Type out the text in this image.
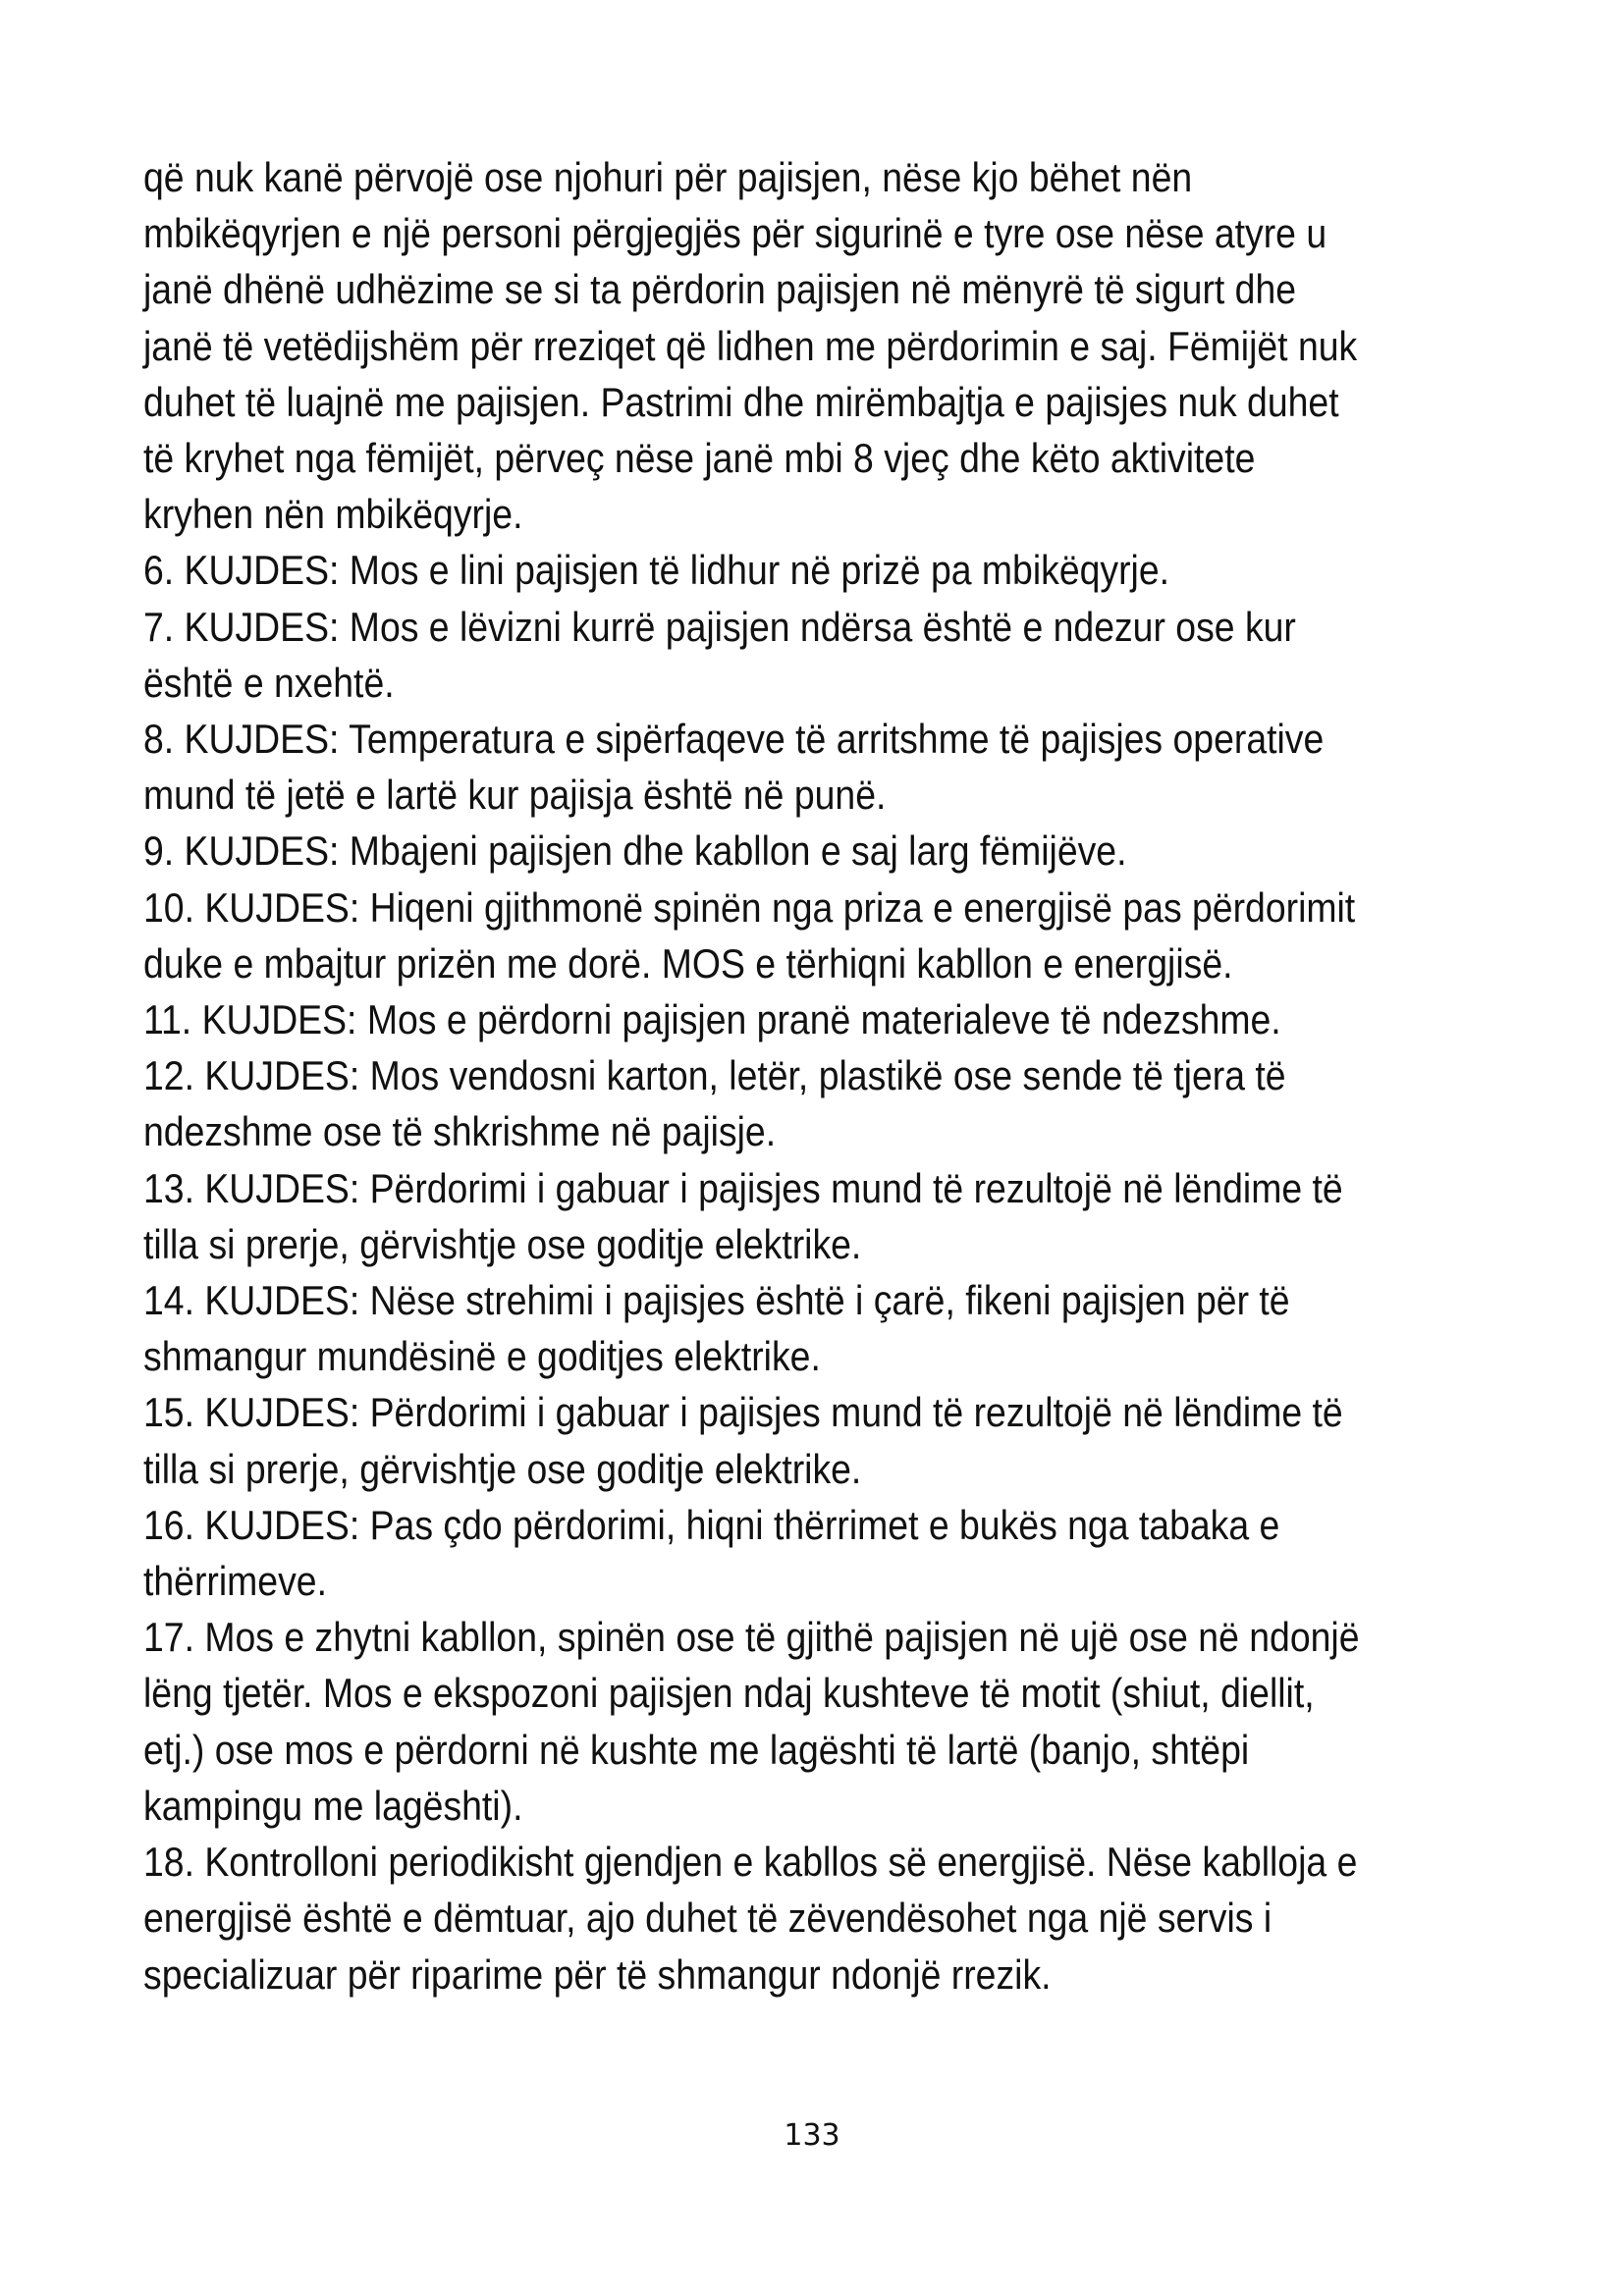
që nuk kanë përvojë ose njohuri për pajisjen, nëse kjo bëhet nën
mbikëqyrjen e një personi përgjegjës për sigurinë e tyre ose nëse atyre u
janë dhënë udhëzime se si ta përdorin pajisjen në mënyrë të sigurt dhe
janë të vetëdijshëm për rreziqet që lidhen me përdorimin e saj. Fëmijët nuk
duhet të luajnë me pajisjen. Pastrimi dhe mirëmbajtja e pajisjes nuk duhet
të kryhet nga fëmijët, përveç nëse janë mbi 8 vjeç dhe këto aktivitete
kryhen nën mbikëqyrje.
6. KUJDES: Mos e lini pajisjen të lidhur në prizë pa mbikëqyrje.
7. KUJDES: Mos e lëvizni kurrë pajisjen ndërsa është e ndezur ose kur
është e nxehtë.
8. KUJDES: Temperatura e sipërfaqeve të arritshme të pajisjes operative
mund të jetë e lartë kur pajisja është në punë.
9. KUJDES: Mbajeni pajisjen dhe kabllon e saj larg fëmijëve.
10. KUJDES: Hiqeni gjithmonë spinën nga priza e energjisë pas përdorimit
duke e mbajtur prizën me dorë. MOS e tërhiqni kabllon e energjisë.
11. KUJDES: Mos e përdorni pajisjen pranë materialeve të ndezshme.
12. KUJDES: Mos vendosni karton, letër, plastikë ose sende të tjera të
ndezshme ose të shkrishme në pajisje.
13. KUJDES: Përdorimi i gabuar i pajisjes mund të rezultojë në lëndime të
tilla si prerje, gërvishtje ose goditje elektrike.
14. KUJDES: Nëse strehimi i pajisjes është i çarë, fikeni pajisjen për të
shmangur mundësinë e goditjes elektrike.
15. KUJDES: Përdorimi i gabuar i pajisjes mund të rezultojë në lëndime të
tilla si prerje, gërvishtje ose goditje elektrike.
16. KUJDES: Pas çdo përdorimi, hiqni thërrimet e bukës nga tabaka e
thërrimeve.
17. Mos e zhytni kabllon, spinën ose të gjithë pajisjen në ujë ose në ndonjë
lëng tjetër. Mos e ekspozoni pajisjen ndaj kushteve të motit (shiut, diellit,
etj.) ose mos e përdorni në kushte me lagështi të lartë (banjo, shtëpi
kampingu me lagështi).
18. Kontrolloni periodikisht gjendjen e kabllos së energjisë. Nëse kablloja e
energjisë është e dëmtuar, ajo duhet të zëvendësohet nga një servis i
specializuar për riparime për të shmangur ndonjë rrezik.
133
